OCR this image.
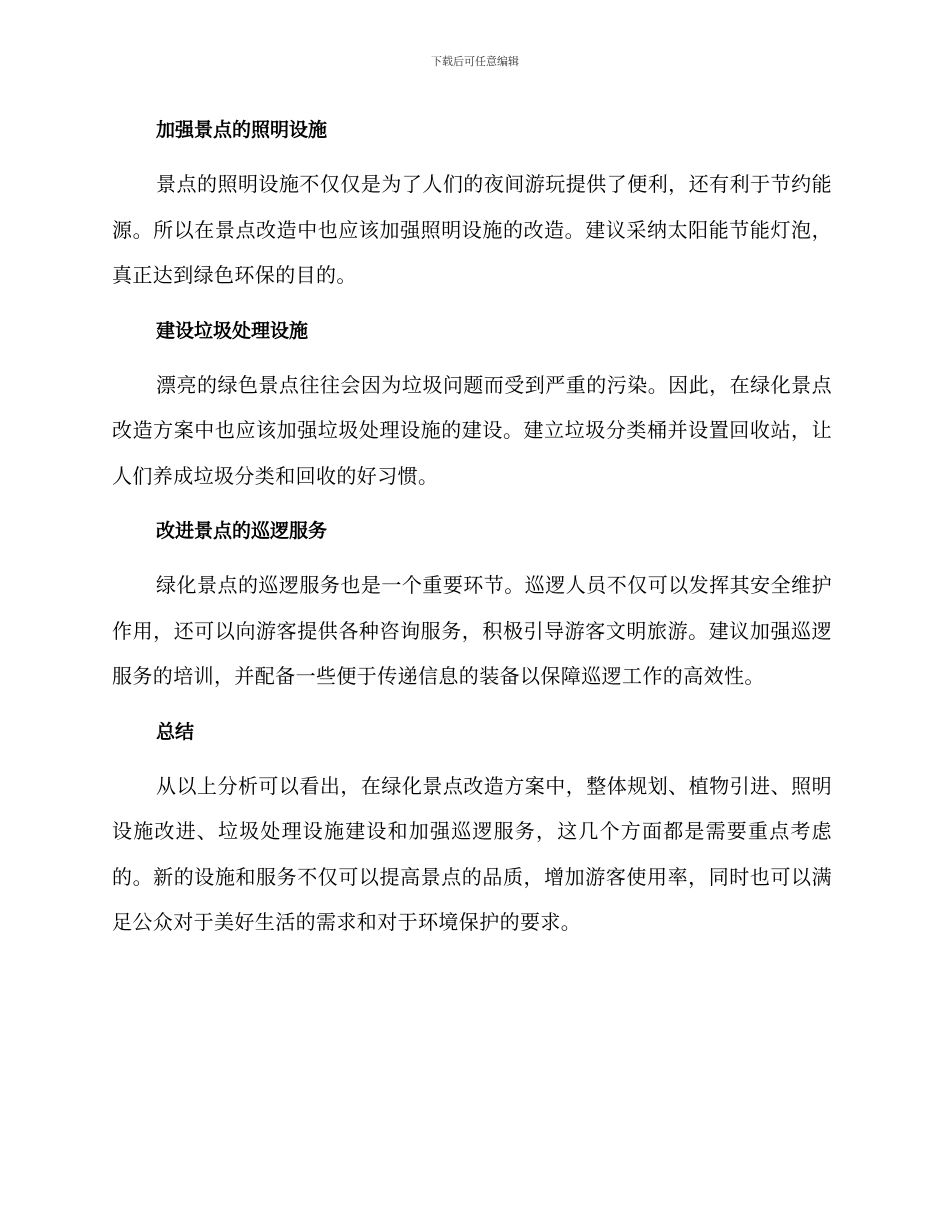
下载后可任意编辑
加强景点的照明设施

景点的照明设施不仅仅是为了人们的夜间游玩提供了便利，还有利于节约能源。所以在景点改造中也应该加强照明设施的改造。建议采纳太阳能节能灯泡，真正达到绿色环保的目的。

建设垃圾处理设施

漂亮的绿色景点往往会因为垃圾问题而受到严重的污染。因此，在绿化景点改造方案中也应该加强垃圾处理设施的建设。建立垃圾分类桶并设置回收站，让人们养成垃圾分类和回收的好习惯。

改进景点的巡逻服务

绿化景点的巡逻服务也是一个重要环节。巡逻人员不仅可以发挥其安全维护作用，还可以向游客提供各种咨询服务，积极引导游客文明旅游。建议加强巡逻服务的培训，并配备一些便于传递信息的装备以保障巡逻工作的高效性。

总结

从以上分析可以看出，在绿化景点改造方案中，整体规划、植物引进、照明设施改进、垃圾处理设施建设和加强巡逻服务，这几个方面都是需要重点考虑的。新的设施和服务不仅可以提高景点的品质，增加游客使用率，同时也可以满足公众对于美好生活的需求和对于环境保护的要求。
